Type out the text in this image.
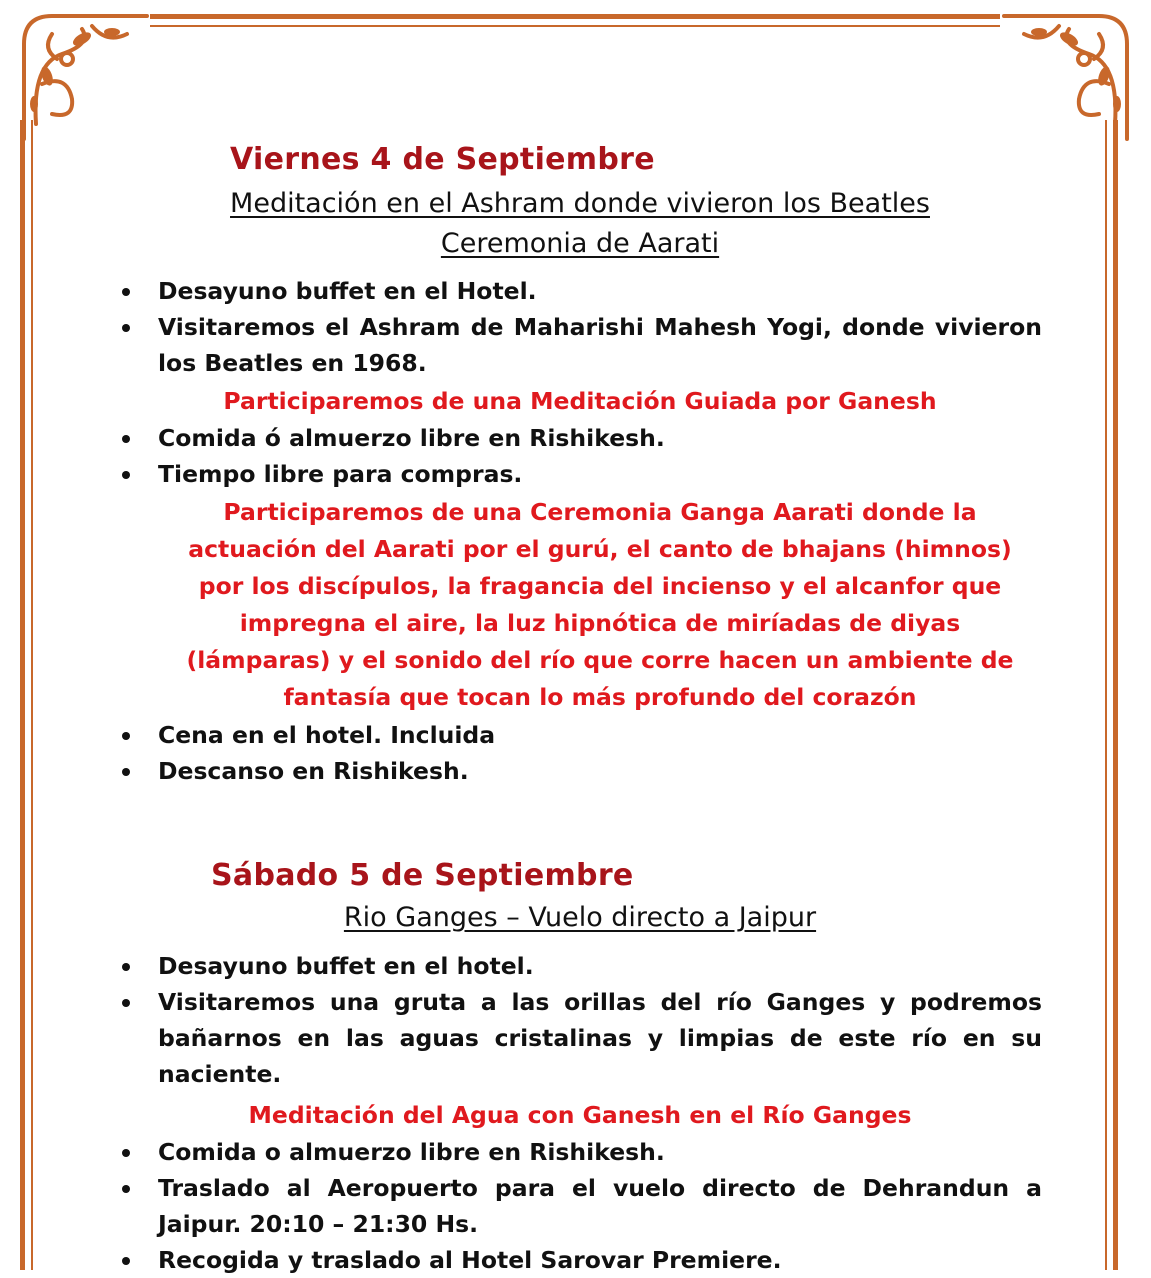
Viernes 4 de Septiembre
Meditación en el Ashram donde vivieron los Beatles
Ceremonia de Aarati
Desayuno buffet en el Hotel.
Visitaremos el Ashram de Maharishi Mahesh Yogi, donde vivieron los Beatles en 1968.
Participaremos de una Meditación Guiada por Ganesh
Comida ó almuerzo libre en Rishikesh.
Tiempo libre para compras.
Participaremos de una Ceremonia Ganga Aarati donde la actuación del Aarati por el gurú, el canto de bhajans (himnos) por los discípulos, la fragancia del incienso y el alcanfor que impregna el aire, la luz hipnótica de miríadas de diyas (lámparas) y el sonido del río que corre hacen un ambiente de fantasía que tocan lo más profundo del corazón
Cena en el hotel. Incluida
Descanso en Rishikesh.
Sábado 5 de Septiembre
Rio Ganges – Vuelo directo a Jaipur
Desayuno buffet en el hotel.
Visitaremos una gruta a las orillas del río Ganges y podremos bañarnos en las aguas cristalinas y limpias de este río en su naciente.
Meditación del Agua con Ganesh en el Río Ganges
Comida o almuerzo libre en Rishikesh.
Traslado al Aeropuerto para el vuelo directo de Dehrandun a Jaipur. 20:10 – 21:30 Hs.
Recogida y traslado al Hotel Sarovar Premiere.
